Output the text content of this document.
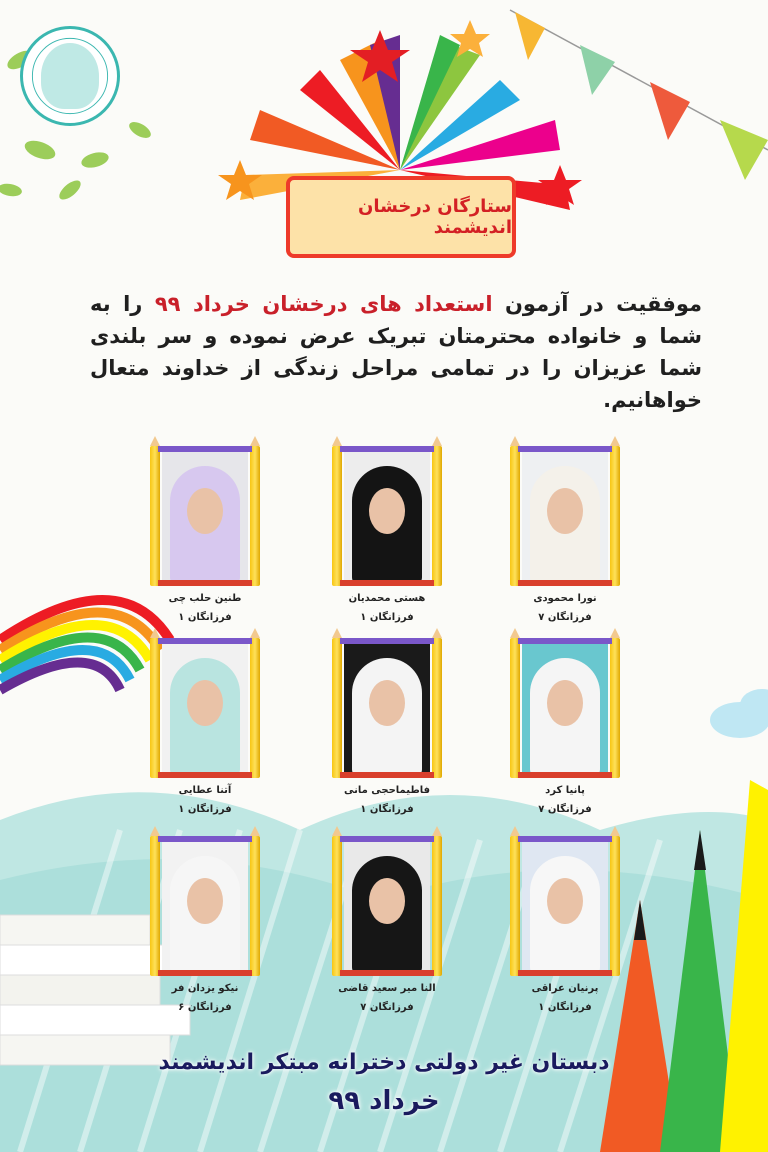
ستارگان درخشان اندیشمند
موفقیت در آزمون استعداد های درخشان خرداد ۹۹ را به شما و خانواده محترمتان تبریک عرض نموده و سر بلندی شما عزیزان را در تمامی مراحل زندگی از خداوند متعال خواهانیم.
نورا محمودی
فرزانگان ۷
هستی محمدیان
فرزانگان ۱
طنین حلب چی
فرزانگان ۱
پانیا کرد
فرزانگان ۷
فاطیماحجی مانی
فرزانگان ۱
آتنا عطایی
فرزانگان ۱
پرنیان عراقی
فرزانگان ۱
النا میر سعید قاضی
فرزانگان ۷
نیکو یزدان فر
فرزانگان ۶
دبستان غیر دولتی دخترانه مبتکر اندیشمند
خرداد ۹۹
